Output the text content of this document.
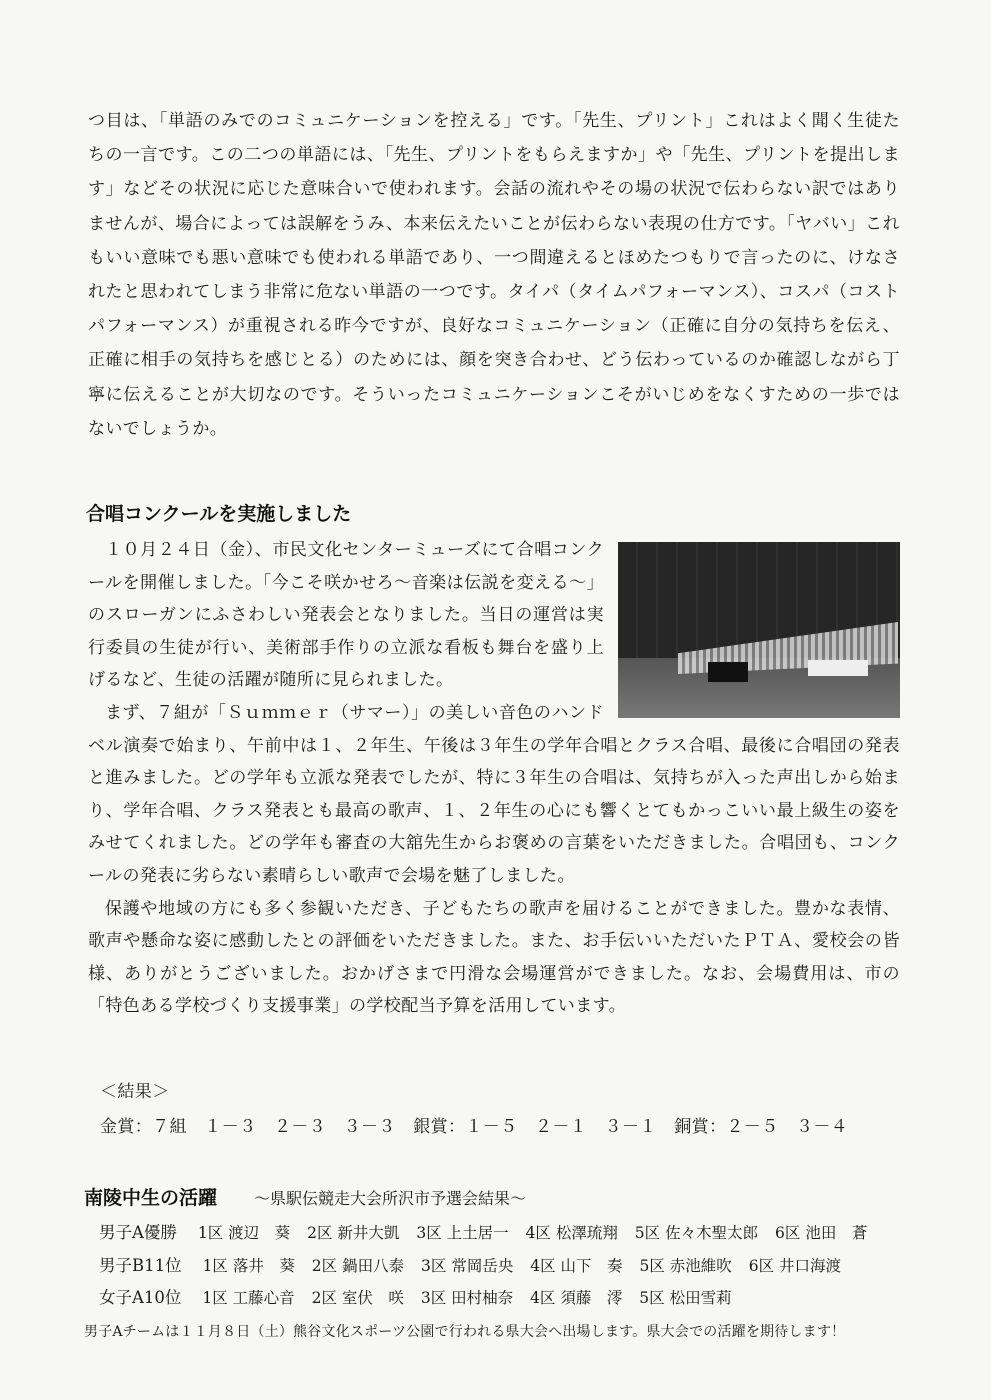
つ目は、「単語のみでのコミュニケーションを控える」です。「先生、プリント」これはよく聞く生徒たちの一言です。この二つの単語には、「先生、プリントをもらえますか」や「先生、プリントを提出します」などその状況に応じた意味合いで使われます。会話の流れやその場の状況で伝わらない訳ではありませんが、場合によっては誤解をうみ、本来伝えたいことが伝わらない表現の仕方です。「ヤバい」これもいい意味でも悪い意味でも使われる単語であり、一つ間違えるとほめたつもりで言ったのに、けなされたと思われてしまう非常に危ない単語の一つです。タイパ（タイムパフォーマンス）、コスパ（コストパフォーマンス）が重視される昨今ですが、良好なコミュニケーション（正確に自分の気持ちを伝え、正確に相手の気持ちを感じとる）のためには、顔を突き合わせ、どう伝わっているのか確認しながら丁寧に伝えることが大切なのです。そういったコミュニケーションこそがいじめをなくすための一歩ではないでしょうか。

合唱コンクールを実施しました

１０月２４日（金）、市民文化センターミューズにて合唱コンクールを開催しました。「今こそ咲かせろ～音楽は伝説を変える～」のスローガンにふさわしい発表会となりました。当日の運営は実行委員の生徒が行い、美術部手作りの立派な看板も舞台を盛り上げるなど、生徒の活躍が随所に見られました。

まず、７組が「Ｓｕｍｍｅｒ（サマー）」の美しい音色のハンドベル演奏で始まり、午前中は１、２年生、午後は３年生の学年合唱とクラス合唱、最後に合唱団の発表と進みました。どの学年も立派な発表でしたが、特に３年生の合唱は、気持ちが入った声出しから始まり、学年合唱、クラス発表とも最高の歌声、１、２年生の心にも響くとてもかっこいい最上級生の姿をみせてくれました。どの学年も審査の大舘先生からお褒めの言葉をいただきました。合唱団も、コンクールの発表に劣らない素晴らしい歌声で会場を魅了しました。

保護や地域の方にも多く参観いただき、子どもたちの歌声を届けることができました。豊かな表情、歌声や懸命な姿に感動したとの評価をいただきました。また、お手伝いいただいたＰＴＡ、愛校会の皆様、ありがとうございました。おかげさまで円滑な会場運営ができました。なお、会場費用は、市の「特色ある学校づくり支援事業」の学校配当予算を活用しています。

＜結果＞
金賞：７組　１－３　２－３　３－３　銀賞：１－５　２－１　３－１　銅賞：２－５　３－４
南陵中生の活躍 ～県駅伝競走大会所沢市予選会結果～
男子A優勝 1区 渡辺　葵 2区 新井大凱 3区 上土居一 4区 松澤琉翔 5区 佐々木聖太郎 6区 池田　蒼
男子B11位 1区 落井　葵 2区 鍋田八泰 3区 常岡岳央 4区 山下　奏 5区 赤池維吹 6区 井口海渡
女子A10位 1区 工藤心音 2区 室伏　咲 3区 田村柚奈 4区 須藤　澪 5区 松田雪莉
男子Aチームは１１月８日（土）熊谷文化スポーツ公園で行われる県大会へ出場します。県大会での活躍を期待します！
